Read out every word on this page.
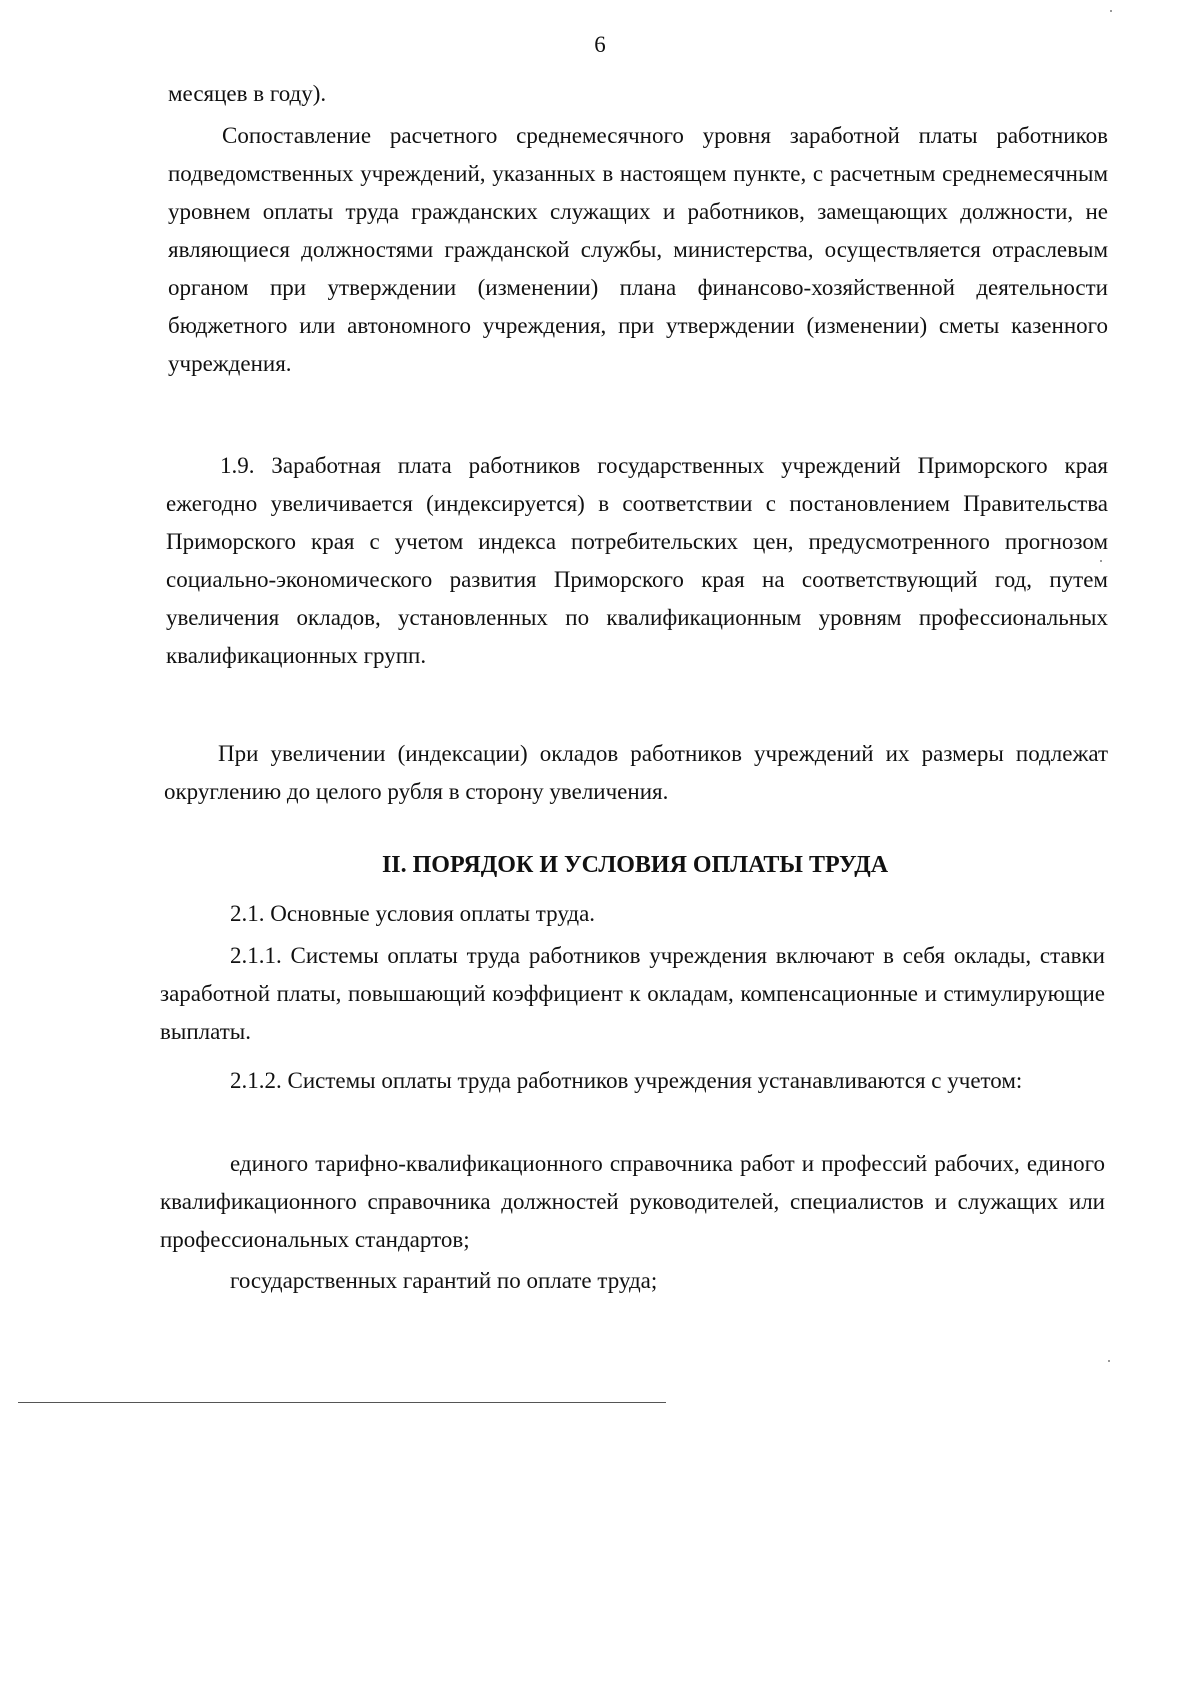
6

месяцев в году).

Сопоставление расчетного среднемесячного уровня заработной платы работников подведомственных учреждений, указанных в настоящем пункте, с расчетным среднемесячным уровнем оплаты труда гражданских служащих и работников, замещающих должности, не являющиеся должностями гражданской службы, министерства, осуществляется отраслевым органом при утверждении (изменении) плана финансово-хозяйственной деятельности бюджетного или автономного учреждения, при утверждении (изменении) сметы казенного учреждения.

1.9. Заработная плата работников государственных учреждений Приморского края ежегодно увеличивается (индексируется) в соответствии с постановлением Правительства Приморского края с учетом индекса потребительских цен, предусмотренного прогнозом социально-экономического развития Приморского края на соответствующий год, путем увеличения окладов, установленных по квалификационным уровням профессиональных квалификационных групп.

При увеличении (индексации) окладов работников учреждений их размеры подлежат округлению до целого рубля в сторону увеличения.

II. ПОРЯДОК И УСЛОВИЯ ОПЛАТЫ ТРУДА

2.1. Основные условия оплаты труда.

2.1.1. Системы оплаты труда работников учреждения включают в себя оклады, ставки заработной платы, повышающий коэффициент к окладам, компенсационные и стимулирующие выплаты.

2.1.2. Системы оплаты труда работников учреждения устанавливаются с учетом:

единого тарифно-квалификационного справочника работ и профессий рабочих, единого квалификационного справочника должностей руководителей, специалистов и служащих или профессиональных стандартов;

государственных гарантий по оплате труда;
